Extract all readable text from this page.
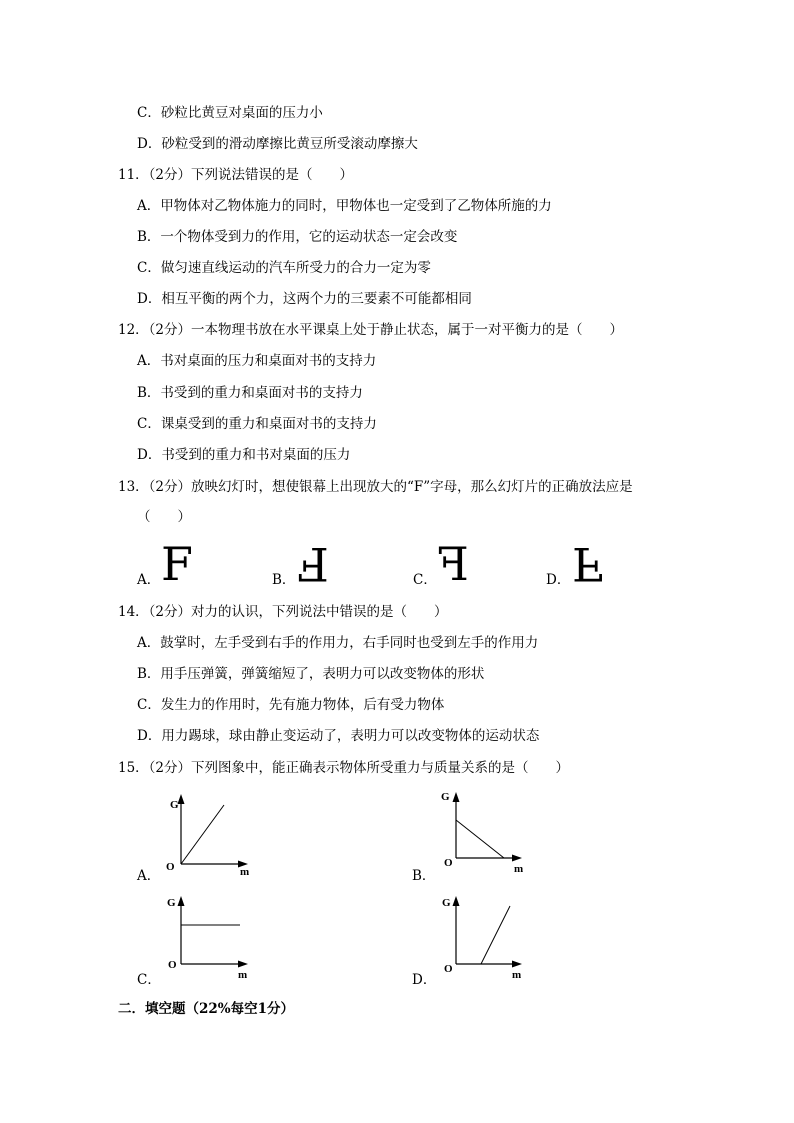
C．砂粒比黄豆对桌面的压力小
D．砂粒受到的滑动摩擦比黄豆所受滚动摩擦大
11．（2分）下列说法错误的是（　　）
A．甲物体对乙物体施力的同时，甲物体也一定受到了乙物体所施的力
B．一个物体受到力的作用，它的运动状态一定会改变
C．做匀速直线运动的汽车所受力的合力一定为零
D．相互平衡的两个力，这两个力的三要素不可能都相同
12．（2分）一本物理书放在水平课桌上处于静止状态，属于一对平衡力的是（　　）
A．书对桌面的压力和桌面对书的支持力
B．书受到的重力和桌面对书的支持力
C．课桌受到的重力和桌面对书的支持力
D．书受到的重力和书对桌面的压力
13．（2分）放映幻灯时，想使银幕上出现放大的“F”字母，那么幻灯片的正确放法应是
（　　）
A． F	B． F	C． F	D． F
14．（2分）对力的认识，下列说法中错误的是（　　）
A．鼓掌时，左手受到右手的作用力，右手同时也受到左手的作用力
B．用手压弹簧，弹簧缩短了，表明力可以改变物体的形状
C．发生力的作用时，先有施力物体，后有受力物体
D．用力踢球，球由静止变运动了，表明力可以改变物体的运动状态
15．（2分）下列图象中，能正确表示物体所受重力与质量关系的是（　　）
A．
G
O	m	B．
G
O	m
C．
G
O
m	D．
G
O	m
二．填空题（22%每空1分）
